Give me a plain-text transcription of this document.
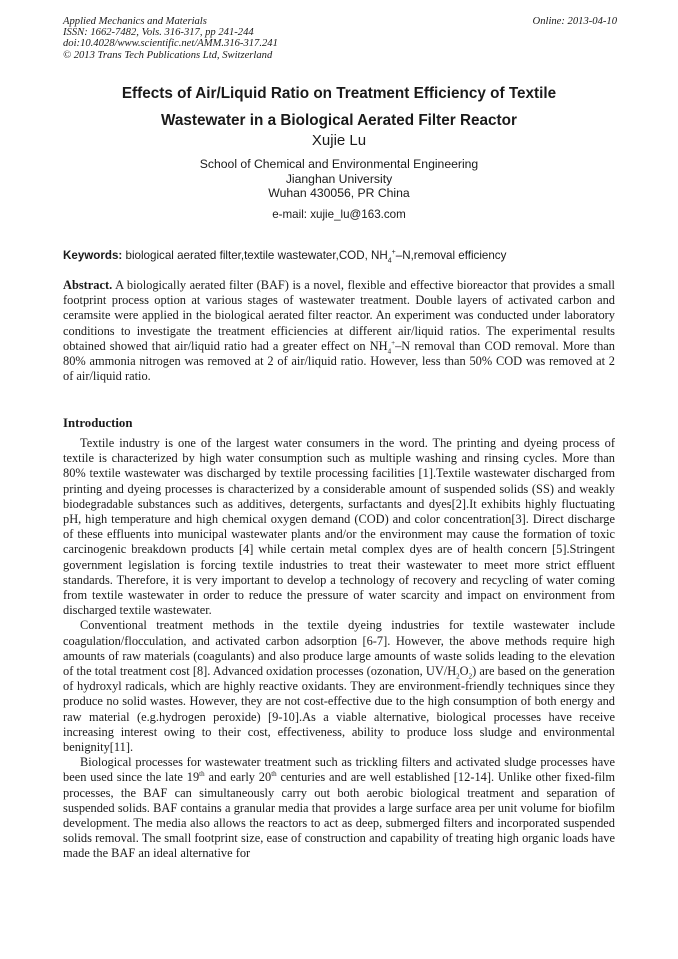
Applied Mechanics and Materials
ISSN: 1662-7482, Vols. 316-317, pp 241-244
doi:10.4028/www.scientific.net/AMM.316-317.241
© 2013 Trans Tech Publications Ltd, Switzerland
Online: 2013-04-10
Effects of Air/Liquid Ratio on Treatment Efficiency of Textile
Wastewater in a Biological Aerated Filter Reactor
Xujie Lu
School of Chemical and Environmental Engineering
Jianghan University
Wuhan 430056, PR China
e-mail: xujie_lu@163.com
Keywords: biological aerated filter,textile wastewater,COD, $NH_4^+-N,removal$ efficiency
Abstract. A biologically aerated filter (BAF) is a novel, flexible and effective bioreactor that provides a small footprint process option at various stages of wastewater treatment. Double layers of activated carbon and ceramsite were applied in the biological aerated filter reactor. An experiment was conducted under laboratory conditions to investigate the treatment efficiencies at different air/liquid ratios. The experimental results obtained showed that air/liquid ratio had a greater effect on $NH_4^+-N$ removal than COD removal. More than 80% ammonia nitrogen was removed at 2 of air/liquid ratio. However, less than 50% COD was removed at 2 of air/liquid ratio.
Introduction

Textile industry is one of the largest water consumers in the word. The printing and dyeing process of textile is characterized by high water consumption such as multiple washing and rinsing cycles. More than 80% textile wastewater was discharged by textile processing facilities [1].Textile wastewater discharged from printing and dyeing processes is characterized by a considerable amount of suspended solids (SS) and weakly biodegradable substances such as additives, detergents, surfactants and dyes[2].It exhibits highly fluctuating pH, high temperature and high chemical oxygen demand (COD) and color concentration[3]. Direct discharge of these effluents into municipal wastewater plants and/or the environment may cause the formation of toxic carcinogenic breakdown products [4] while certain metal complex dyes are of health concern [5].Stringent government legislation is forcing textile industries to treat their wastewater to meet more strict effluent standards. Therefore, it is very important to develop a technology of recovery and recycling of water coming from textile wastewater in order to reduce the pressure of water scarcity and impact on environment from discharged textile wastewater.

Conventional treatment methods in the textile dyeing industries for textile wastewater include coagulation/flocculation, and activated carbon adsorption [6-7]. However, the above methods require high amounts of raw materials (coagulants) and also produce large amounts of waste solids leading to the elevation of the total treatment cost [8]. Advanced oxidation processes (ozonation, $UV/H_2O_2$) are based on the generation of hydroxyl radicals, which are highly reactive oxidants. They are environment-friendly techniques since they produce no solid wastes. However, they are not cost-effective due to the high consumption of both energy and raw material (e.g.hydrogen peroxide) [9-10].As a viable alternative, biological processes have receive increasing interest owing to their cost, effectiveness, ability to produce loss sludge and environmental benignity[11].

Biological processes for wastewater treatment such as trickling filters and activated sludge processes have been used since the late 19th and early 20th centuries and are well established [12-14]. Unlike other fixed-film processes, the BAF can simultaneously carry out both aerobic biological treatment and separation of suspended solids. BAF contains a granular media that provides a large surface area per unit volume for biofilm development. The media also allows the reactors to act as deep, submerged filters and incorporated suspended solids removal. The small footprint size, ease of construction and capability of treating high organic loads have made the BAF an ideal alternative for
